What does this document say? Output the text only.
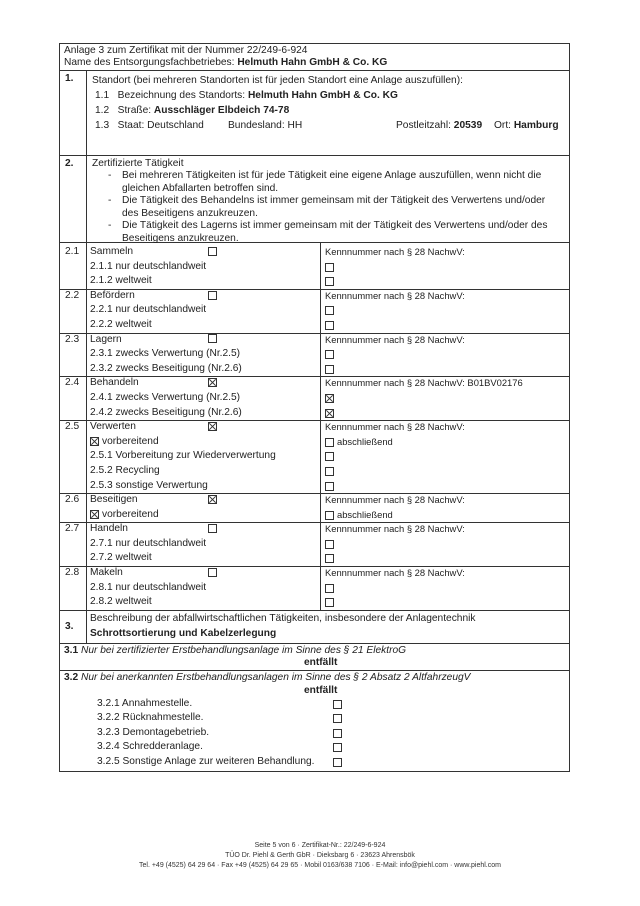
Anlage 3 zum Zertifikat mit der Nummer 22/249-6-924
Name des Entsorgungsfachbetriebes: Helmuth Hahn GmbH & Co. KG
1.	Standort (bei mehreren Standorten ist für jeden Standort eine Anlage auszufüllen):
1.1 Bezeichnung des Standorts: Helmuth Hahn GmbH & Co. KG
1.2 Straße: Ausschläger Elbdeich 74-78
1.3 Staat: Deutschland Bundesland: HH	Postleitzahl: 20539 Ort: Hamburg
2.	Zertifizierte Tätigkeit
- Bei mehreren Tätigkeiten ist für jede Tätigkeit eine eigene Anlage auszufüllen, wenn nicht die
gleichen Abfallarten betroffen sind.
- Die Tätigkeit des Behandelns ist immer gemeinsam mit der Tätigkeit des Verwertens und/oder
des Beseitigens anzukreuzen.
- Die Tätigkeit des Lagerns ist immer gemeinsam mit der Tätigkeit des Verwertens und/oder des
Beseitigens anzukreuzen.
2.1 Sammeln	Kennnummer nach § 28 NachwV:
2.1.1 nur deutschlandweit
2.1.2 weltweit
2.2 Befördern	Kennnummer nach § 28 NachwV:
2.2.1 nur deutschlandweit
2.2.2 weltweit
2.3 Lagern	Kennnummer nach § 28 NachwV:
2.3.1 zwecks Verwertung (Nr.2.5)
2.3.2 zwecks Beseitigung (Nr.2.6)
2.4 Behandeln	Kennnummer nach § 28 NachwV: B01BV02176
2.4.1 zwecks Verwertung (Nr.2.5)
2.4.2 zwecks Beseitigung (Nr.2.6)
2.5 Verwerten	Kennnummer nach § 28 NachwV:
vorbereitend	abschließend
2.5.1 Vorbereitung zur Wiederverwertung
2.5.2 Recycling
2.5.3 sonstige Verwertung
2.6 Beseitigen	Kennnummer nach § 28 NachwV:
vorbereitend	abschließend
2.7 Handeln	Kennnummer nach § 28 NachwV:
2.7.1 nur deutschlandweit
2.7.2 weltweit
2.8 Makeln	Kennnummer nach § 28 NachwV:
2.8.1 nur deutschlandweit
2.8.2 weltweit
3.
Beschreibung der abfallwirtschaftlichen Tätigkeiten, insbesondere der Anlagentechnik
Schrottsortierung und Kabelzerlegung
3.1 Nur bei zertifizierter Erstbehandlungsanlage im Sinne des § 21 ElektroG
entfällt
3.2 Nur bei anerkannten Erstbehandlungsanlagen im Sinne des § 2 Absatz 2 AltfahrzeugV
entfällt
3.2.1 Annahmestelle.
3.2.2 Rücknahmestelle.
3.2.3 Demontagebetrieb.
3.2.4 Schredderanlage.
3.2.5 Sonstige Anlage zur weiteren Behandlung.
Seite 5 von 6 · Zertifikat-Nr.: 22/249-6-924
TÜO Dr. Piehl & Gerth GbR · Dieksbarg 6 · 23623 Ahrensbök
Tel. +49 (4525) 64 29 64 · Fax +49 (4525) 64 29 65 · Mobil 0163/638 7106 · E-Mail: info@piehl.com · www.piehl.com
